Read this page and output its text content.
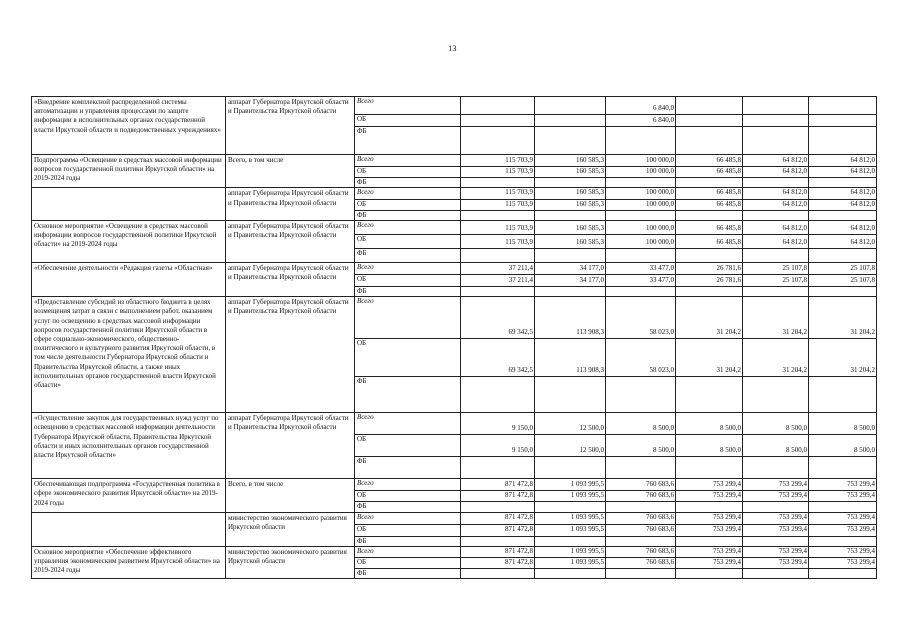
13
«Внедрение комплексной распределенной системы автоматизации и управления процессами по защите информации в исполнительных органах государственной власти Иркутской области и подведомственных учреждениях»	аппарат Губернатора Иркутской области и Правительства Иркутской области	Всего			6 840,0			
		ОБ			6 840,0			
		ФБ						
Подпрограмма «Освещение в средствах массовой информации вопросов государственной политики Иркутской области» на 2019-2024 годы	Всего, в том числе	Всего	115 703,9	160 585,3	100 000,0	66 485,8	64 812,0	64 812,0
		ОБ	115 703,9	160 585,3	100 000,0	66 485,8	64 812,0	64 812,0
		ФБ						
	аппарат Губернатора Иркутской области и Правительства Иркутской области	Всего	115 703,9	160 585,3	100 000,0	66 485,8	64 812,0	64 812,0
		ОБ	115 703,9	160 585,3	100 000,0	66 485,8	64 812,0	64 812,0
		ФБ						
Основное мероприятие «Освещение в средствах массовой информации вопросов государственной политики Иркутской области» на 2019-2024 годы	аппарат Губернатора Иркутской области и Правительства Иркутской области	Всего	115 703,9	160 585,3	100 000,0	66 485,8	64 812,0	64 812,0
		ОБ	115 703,9	160 585,3	100 000,0	66 485,8	64 812,0	64 812,0
		ФБ						
«Обеспечение деятельности «Редакция газеты «Областная»	аппарат Губернатора Иркутской области и Правительства Иркутской области	Всего	37 211,4	34 177,0	33 477,0	26 781,6	25 107,8	25 107,8
		ОБ	37 211,4	34 177,0	33 477,0	26 781,6	25 107,8	25 107,8
		ФБ						
«Предоставление субсидий из областного бюджета в целях возмещения затрат в связи с выполнением работ, оказанием услуг по освещению в средствах массовой информации вопросов государственной политики Иркутской области в сфере социально-экономического, общественно-политического и культурного развития Иркутской области, в том числе деятельности Губернатора Иркутской области и Правительства Иркутской области, а также иных исполнительных органов государственной власти Иркутской области»	аппарат Губернатора Иркутской области и Правительства Иркутской области	Всего	69 342,5	113 908,3	58 023,0	31 204,2	31 204,2	31 204,2
		ОБ	69 342,5	113 908,3	58 023,0	31 204,2	31 204,2	31 204,2
		ФБ						
«Осуществление закупок для государственных нужд услуг по освещению в средствах массовой информации деятельности Губернатора Иркутской области, Правительства Иркутской области и иных исполнительных органов государственной власти Иркутской области»	аппарат Губернатора Иркутской области и Правительства Иркутской области	Всего	9 150,0	12 500,0	8 500,0	8 500,0	8 500,0	8 500,0
		ОБ	9 150,0	12 500,0	8 500,0	8 500,0	8 500,0	8 500,0
		ФБ						
Обеспечивающая подпрограмма «Государственная политика в сфере экономического развития Иркутской области» на 2019-2024 годы	Всего, в том числе	Всего	871 472,8	1 093 995,5	760 683,6	753 299,4	753 299,4	753 299,4
		ОБ	871 472,8	1 093 995,5	760 683,6	753 299,4	753 299,4	753 299,4
		ФБ						
	министерство экономического развития Иркутской области	Всего	871 472,8	1 093 995,5	760 683,6	753 299,4	753 299,4	753 299,4
		ОБ	871 472,8	1 093 995,5	760 683,6	753 299,4	753 299,4	753 299,4
		ФБ						
Основное мероприятие «Обеспечение эффективного управления экономическим развитием Иркутской области» на 2019-2024 годы	министерство экономического развития Иркутской области	Всего	871 472,8	1 093 995,5	760 683,6	753 299,4	753 299,4	753 299,4
		ОБ	871 472,8	1 093 995,5	760 683,6	753 299,4	753 299,4	753 299,4
		ФБ						
